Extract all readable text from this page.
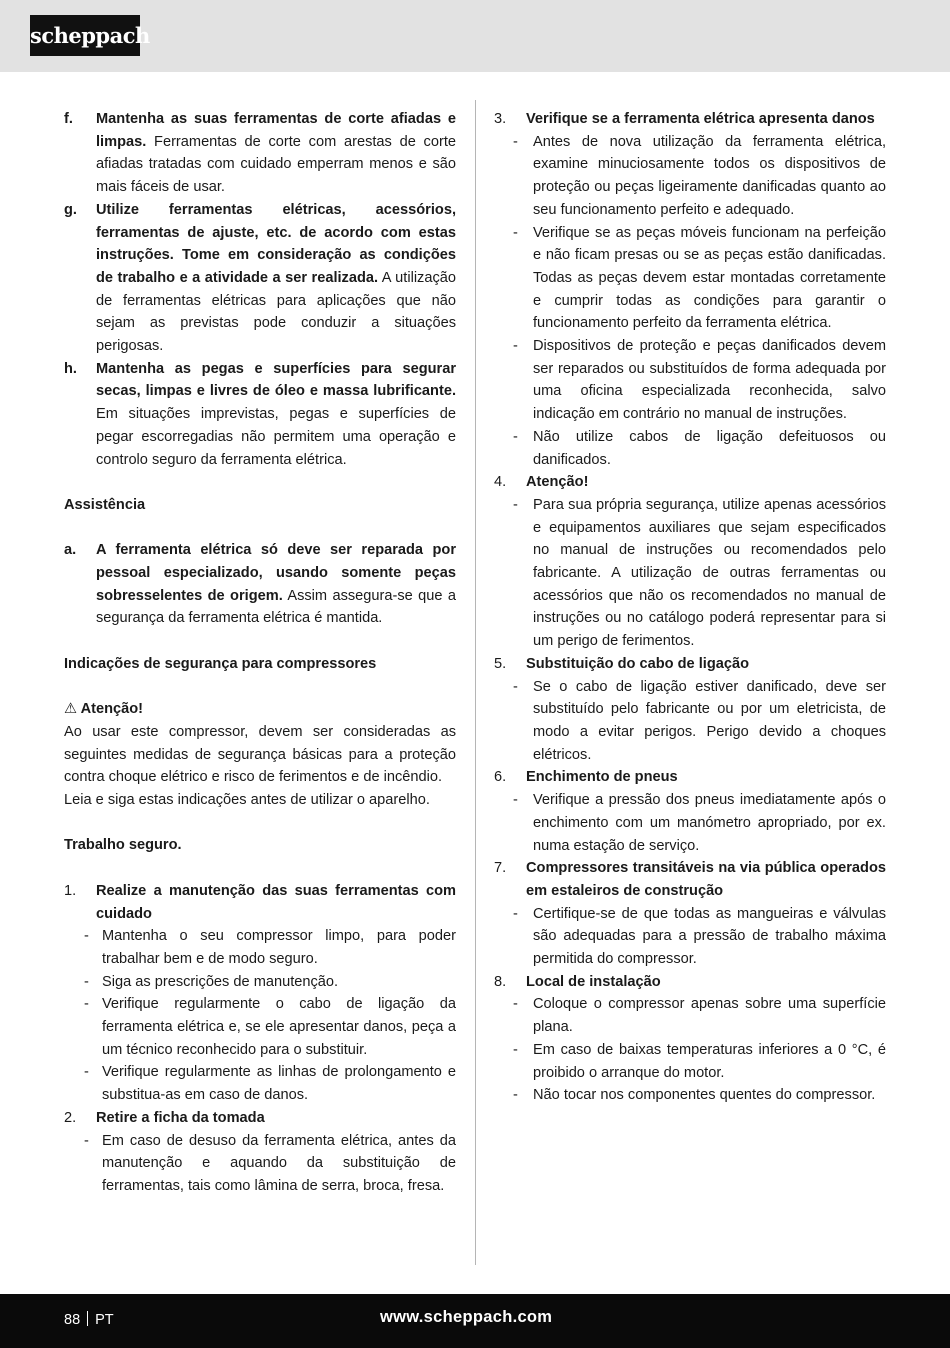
scheppach
f. Mantenha as suas ferramentas de corte afiadas e limpas. Ferramentas de corte com arestas de corte afiadas tratadas com cuidado emperram menos e são mais fáceis de usar.
g. Utilize ferramentas elétricas, acessórios, ferramentas de ajuste, etc. de acordo com estas instruções. Tome em consideração as condições de trabalho e a atividade a ser realizada. A utilização de ferramentas elétricas para aplicações que não sejam as previstas pode conduzir a situações perigosas.
h. Mantenha as pegas e superfícies para segurar secas, limpas e livres de óleo e massa lubrificante. Em situações imprevistas, pegas e superfícies de pegar escorregadias não permitem uma operação e controlo seguro da ferramenta elétrica.
Assistência
a. A ferramenta elétrica só deve ser reparada por pessoal especializado, usando somente peças sobresselentes de origem. Assim assegura-se que a segurança da ferramenta elétrica é mantida.
Indicações de segurança para compressores
⚠ Atenção!
Ao usar este compressor, devem ser consideradas as seguintes medidas de segurança básicas para a proteção contra choque elétrico e risco de ferimentos e de incêndio.
Leia e siga estas indicações antes de utilizar o aparelho.
Trabalho seguro.
1. Realize a manutenção das suas ferramentas com cuidado
- Mantenha o seu compressor limpo, para poder trabalhar bem e de modo seguro.
- Siga as prescrições de manutenção.
- Verifique regularmente o cabo de ligação da ferramenta elétrica e, se ele apresentar danos, peça a um técnico reconhecido para o substituir.
- Verifique regularmente as linhas de prolongamento e substitua-as em caso de danos.
2. Retire a ficha da tomada
- Em caso de desuso da ferramenta elétrica, antes da manutenção e aquando da substituição de ferramentas, tais como lâmina de serra, broca, fresa.
3. Verifique se a ferramenta elétrica apresenta danos
- Antes de nova utilização da ferramenta elétrica, examine minuciosamente todos os dispositivos de proteção ou peças ligeiramente danificadas quanto ao seu funcionamento perfeito e adequado.
- Verifique se as peças móveis funcionam na perfeição e não ficam presas ou se as peças estão danificadas. Todas as peças devem estar montadas corretamente e cumprir todas as condições para garantir o funcionamento perfeito da ferramenta elétrica.
- Dispositivos de proteção e peças danificados devem ser reparados ou substituídos de forma adequada por uma oficina especializada reconhecida, salvo indicação em contrário no manual de instruções.
- Não utilize cabos de ligação defeituosos ou danificados.
4. Atenção!
- Para sua própria segurança, utilize apenas acessórios e equipamentos auxiliares que sejam especificados no manual de instruções ou recomendados pelo fabricante. A utilização de outras ferramentas ou acessórios que não os recomendados no manual de instruções ou no catálogo poderá representar para si um perigo de ferimentos.
5. Substituição do cabo de ligação
- Se o cabo de ligação estiver danificado, deve ser substituído pelo fabricante ou por um eletricista, de modo a evitar perigos. Perigo devido a choques elétricos.
6. Enchimento de pneus
- Verifique a pressão dos pneus imediatamente após o enchimento com um manómetro apropriado, por ex. numa estação de serviço.
7. Compressores transitáveis na via pública operados em estaleiros de construção
- Certifique-se de que todas as mangueiras e válvulas são adequadas para a pressão de trabalho máxima permitida do compressor.
8. Local de instalação
- Coloque o compressor apenas sobre uma superfície plana.
- Em caso de baixas temperaturas inferiores a 0 °C, é proibido o arranque do motor.
- Não tocar nos componentes quentes do compressor.
88 PT	www.scheppach.com
